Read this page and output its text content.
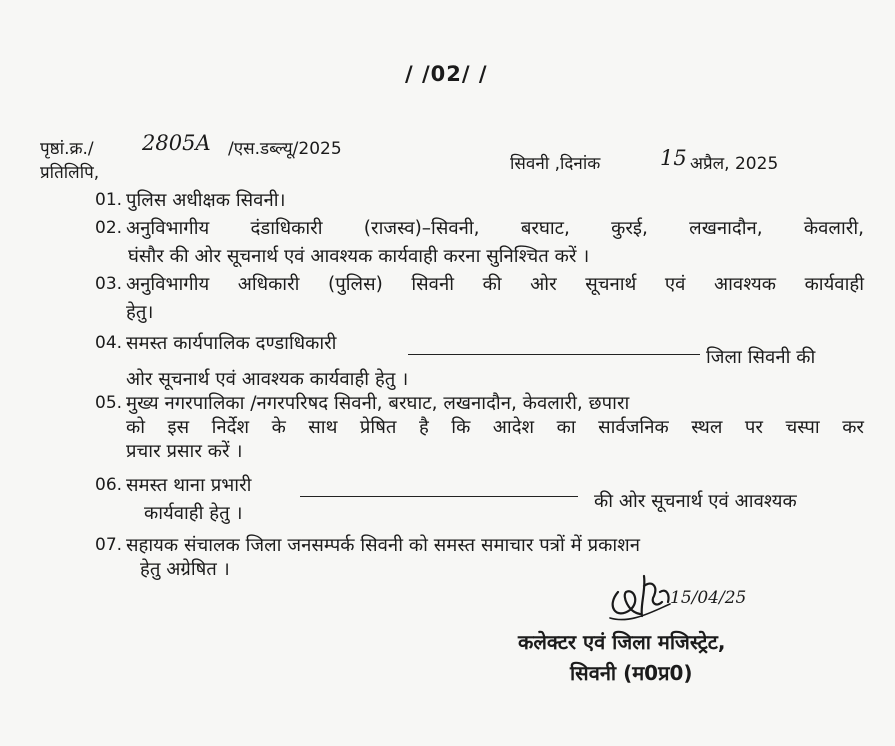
/ /02/ /
पृष्ठां.क्र./ 2805A /एस.डब्ल्यू/2025
सिवनी ,दिनांक	15 अप्रैल, 2025
प्रतिलिपि,
01. पुलिस अधीक्षक सिवनी।
02. अनुविभागीय दंडाधिकारी (राजस्व)–सिवनी, बरघाट, कुरई, लखनादौन, केवलारी,
घंसौर की ओर सूचनार्थ एवं आवश्यक कार्यवाही करना सुनिश्चित करें ।
03. अनुविभागीय अधिकारी (पुलिस) सिवनी की ओर सूचनार्थ एवं आवश्यक कार्यवाही
हेतु।
04. समस्त कार्यपालिक दण्डाधिकारी
जिला सिवनी की
ओर सूचनार्थ एवं आवश्यक कार्यवाही हेतु ।
05. मुख्य नगरपालिका /नगरपरिषद सिवनी, बरघाट, लखनादौन, केवलारी, छपारा
को इस निर्देश के साथ प्रेषित है कि आदेश का सार्वजनिक स्थल पर चस्पा कर
प्रचार प्रसार करें ।
06. समस्त थाना प्रभारी
की ओर सूचनार्थ एवं आवश्यक
कार्यवाही हेतु ।
07. सहायक संचालक जिला जनसम्पर्क सिवनी को समस्त समाचार पत्रों में प्रकाशन
हेतु अग्रेषित ।
15/04/25
कलेक्टर एवं जिला मजिस्ट्रेट,
सिवनी (म0प्र0)
